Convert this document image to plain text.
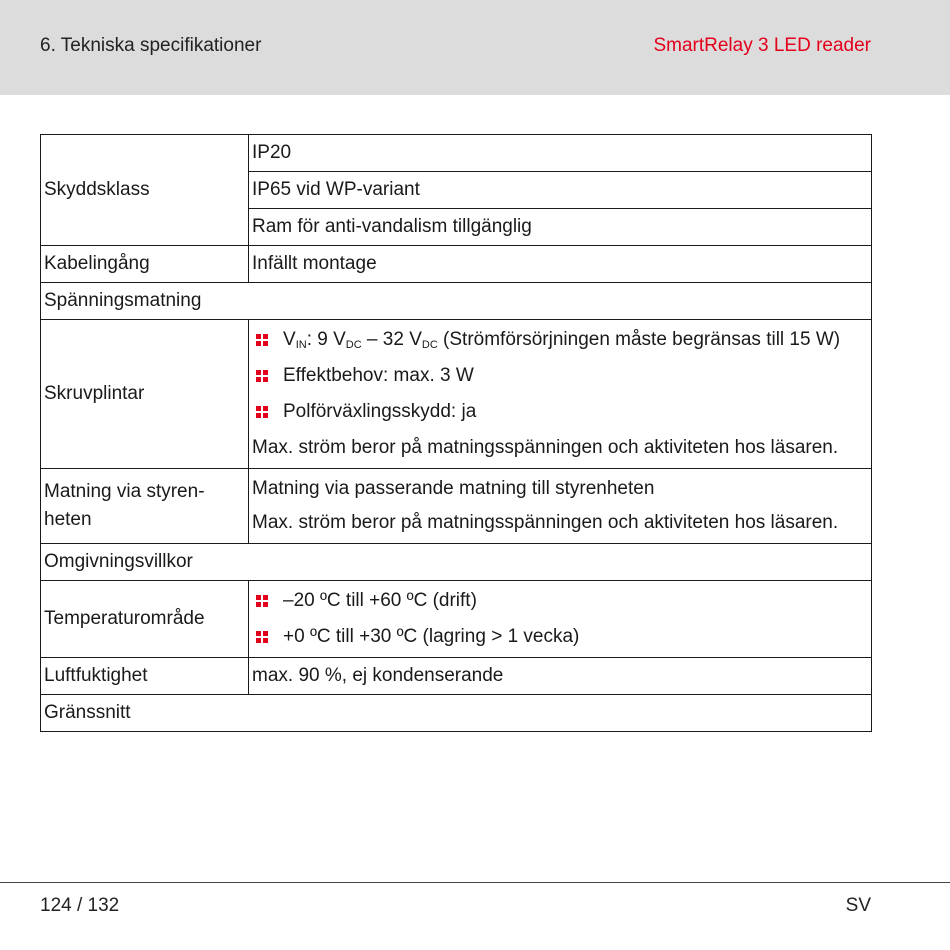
6. Tekniska specifikationer	SmartRelay 3 LED reader
Skyddsklass	IP20
	IP65 vid WP-variant
	Ram för anti-vandalism tillgänglig
Kabelingång	Infällt montage
Spänningsmatning	
Skruvplintar	$V_{IN}$: 9 $V_{DC} - 32$ $V_{DC}$ (Strömförsörjningen måste begränsas till 15 W)
Effektbehov: max. 3 W
Polförväxlingsskydd: ja
Max. ström beror på matningsspänningen och aktiviteten hos läsaren.

Matning via styrenheten	Matning via passerande matning till styrenheten
Max. ström beror på matningsspänningen och aktiviteten hos läsaren.

Omgivningsvillkor	
Temperaturområde	–20 ºC till +60 ºC (drift)
+0 ºC till +30 ºC (lagring > 1 vecka)

Luftfuktighet	max. 90 %, ej kondenserande
Gränssnitt	
124 / 132	SV
